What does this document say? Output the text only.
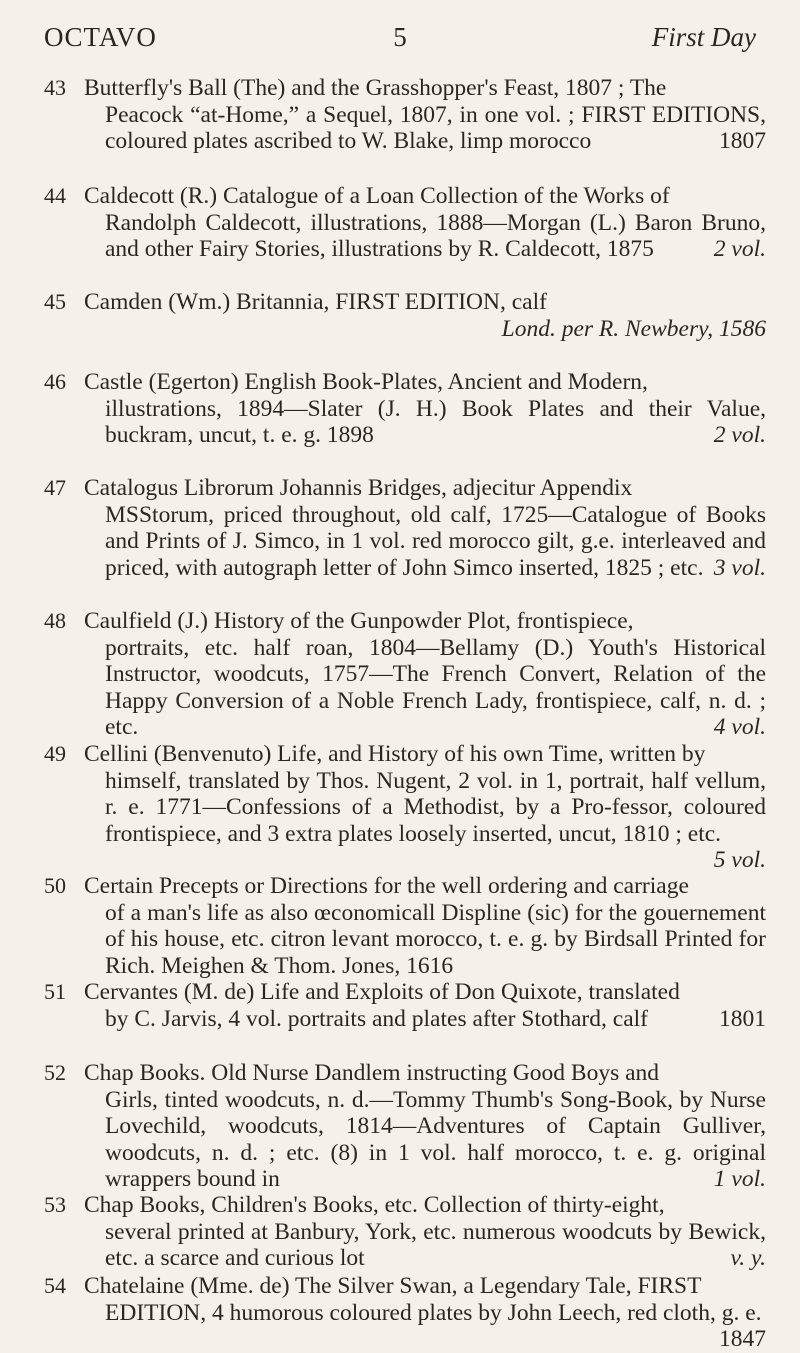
OCTAVO	5	First Day
43 Butterfly's Ball (The) and the Grasshopper's Feast, 1807 ; The
Peacock “at-Home,” a Sequel, 1807, in one vol. ; FIRST EDITIONS, coloured plates ascribed to W. Blake, limp morocco	1807
44 Caldecott (R.) Catalogue of a Loan Collection of the Works of
Randolph Caldecott, illustrations, 1888—Morgan (L.) Baron Bruno, and other Fairy Stories, illustrations by R. Caldecott, 1875	2 vol.
45 Camden (Wm.) Britannia, FIRST EDITION, calf
Lond. per R. Newbery, 1586
46 Castle (Egerton) English Book-Plates, Ancient and Modern,
illustrations, 1894—Slater (J. H.) Book Plates and their Value, buckram, uncut, t. e. g. 1898	2 vol.
47 Catalogus Librorum Johannis Bridges, adjecitur Appendix
MSStorum, priced throughout, old calf, 1725—Catalogue of Books and Prints of J. Simco, in 1 vol. red morocco gilt, g.e. interleaved and priced, with autograph letter of John Simco inserted, 1825 ; etc. 3 vol.
48 Caulfield (J.) History of the Gunpowder Plot, frontispiece,
portraits, etc. half roan, 1804—Bellamy (D.) Youth's Historical Instructor, woodcuts, 1757—The French Convert, Relation of the Happy Conversion of a Noble French Lady, frontispiece, calf, n. d. ; etc.	4 vol.
49 Cellini (Benvenuto) Life, and History of his own Time, written by
himself, translated by Thos. Nugent, 2 vol. in 1, portrait, half vellum, r. e. 1771—Confessions of a Methodist, by a Pro-fessor, coloured frontispiece, and 3 extra plates loosely inserted, uncut, 1810 ; etc.
5 vol.
50 Certain Precepts or Directions for the well ordering and carriage
of a man's life as also œconomicall Displine (sic) for the gouernement of his house, etc. citron levant morocco, t. e. g. by Birdsall Printed for Rich. Meighen & Thom. Jones, 1616
51 Cervantes (M. de) Life and Exploits of Don Quixote, translated
by C. Jarvis, 4 vol. portraits and plates after Stothard, calf	1801
52 Chap Books. Old Nurse Dandlem instructing Good Boys and
Girls, tinted woodcuts, n. d.—Tommy Thumb's Song-Book, by Nurse Lovechild, woodcuts, 1814—Adventures of Captain Gulliver, woodcuts, n. d. ; etc. (8) in 1 vol. half morocco, t. e. g. original wrappers bound in	1 vol.
53 Chap Books, Children's Books, etc. Collection of thirty-eight,
several printed at Banbury, York, etc. numerous woodcuts by Bewick, etc. a scarce and curious lot	v. y.
54 Chatelaine (Mme. de) The Silver Swan, a Legendary Tale, FIRST
EDITION, 4 humorous coloured plates by John Leech, red cloth, g. e.
1847
